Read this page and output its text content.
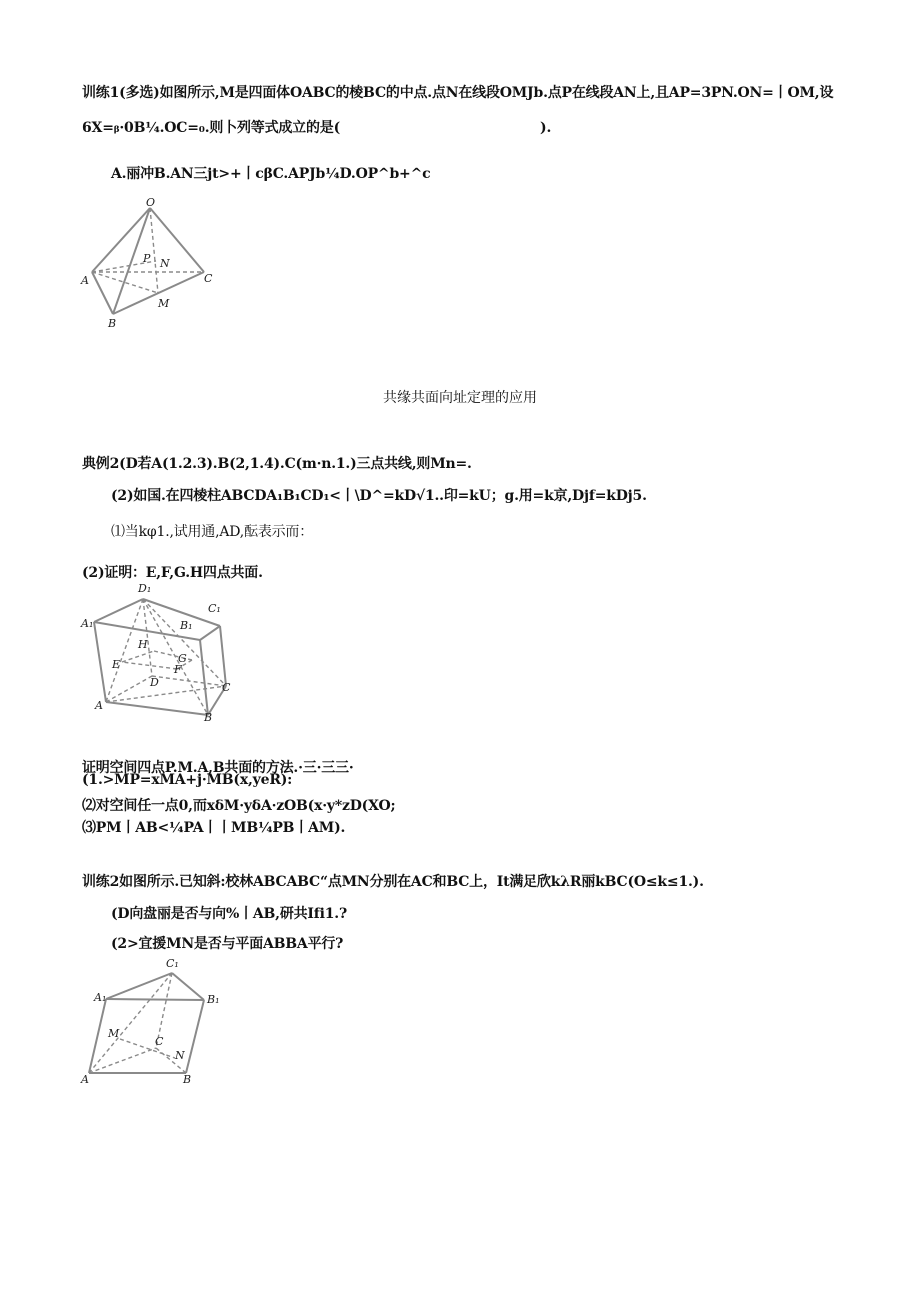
训练1(多选)如图所示,M是四面体OABC的棱BC的中点.点N在线段OMJb.点P在线段AN上,且AP=3PN.ON=丨OM,设
6X=ᵦ·0B¼.OC=₀.则卜列等式成立的是(	).
A.丽冲B.AN三jt>+丨cβC.APJb¼D.OP^b+^c
O
P N
A	C
M
B
共缘共面向址定理的应用
典例2(D若A(1.2.3).B(2,1.4).C(m·n.1.)三点共线,则Mn=.
(2)如国.在四棱柱ABCDA₁B₁CD₁<丨\D^=kD√1..印=kU；g.用=k京,Djf=kDj5.
⑴当kφ1.,试用通,AD,酝表示而：
(2)证明：E,F,G.H四点共面.
D₁
C₁
A₁	B₁
H
G
E	F
D	C
A
B
证明空间四点P.M.A,B共面的方法.·三·三三·
(1.>MP=xMA+j·MB(x,yeR):
⑵对空间任一点0,而xδM·yδA·zOB(x·y*zD(XO;
⑶PM丨AB<¼PA丨丨MB¼PB丨AM).
训练2如图所示.已知斜:校林ABCABC“点MN分别在AC和BC上，It满足欣kλR丽kBC(O≤k≤1.).
(D向盘丽是否与向%丨AB,研共Ifi1.?
(2>宜援MN是否与平面ABBA平行?
C₁
A₁	B₁
M
C
N
A	B
